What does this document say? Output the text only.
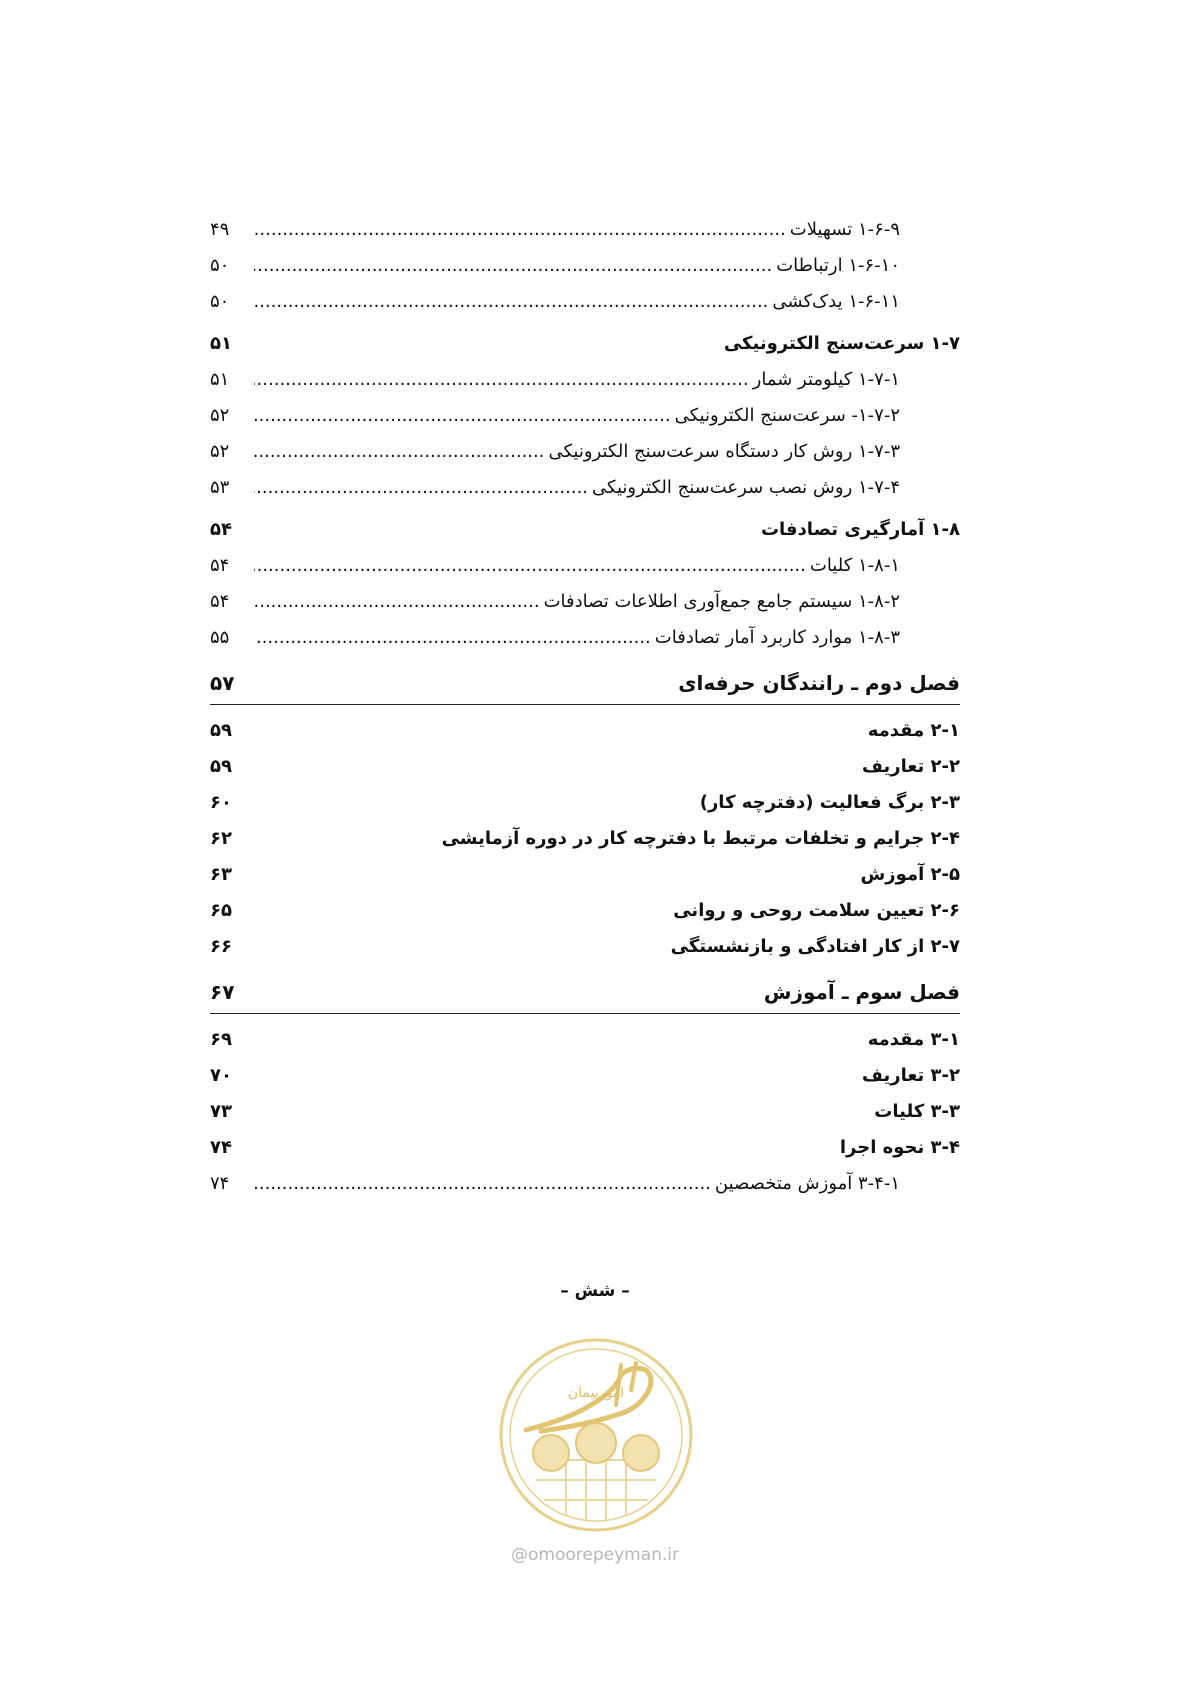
۱-۶-۹ تسهیلات
.....
۴۹
۱-۶-۱۰ ارتباطات
.....
۵۰
۱-۶-۱۱ یدک‌کشی
.....
۵۰
۱-۷ سرعت‌سنج الکترونیکی
۵۱
۱-۷-۱ کیلومتر شمار
.....
۵۱
۱-۷-۲- سرعت‌سنج الکترونیکی
.....
۵۲
۱-۷-۳ روش کار دستگاه سرعت‌سنج الکترونیکی
.....
۵۲
۱-۷-۴ روش نصب سرعت‌سنج الکترونیکی
.....
۵۳
۱-۸ آمارگیری تصادفات
۵۴
۱-۸-۱ کلیات
.....
۵۴
۱-۸-۲ سیستم جامع جمع‌آوری اطلاعات تصادفات
.....
۵۴
۱-۸-۳ موارد کاربرد آمار تصادفات
.....
۵۵
فصل دوم ـ رانندگان حرفه‌ای
۵۷
۲-۱ مقدمه
۵۹
۲-۲ تعاریف
۵۹
۲-۳ برگ فعالیت (دفترچه کار)
۶۰
۲-۴ جرایم و تخلفات مرتبط با دفترچه کار در دوره آزمایشی
۶۲
۲-۵ آموزش
۶۳
۲-۶ تعیین سلامت روحی و روانی
۶۵
۲-۷ از کار افتادگی و بازنشستگی
۶۶
فصل سوم ـ آموزش
۶۷
۳-۱ مقدمه
۶۹
۳-۲ تعاریف
۷۰
۳-۳ کلیات
۷۳
۳-۴ نحوه اجرا
۷۴
۳-۴-۱ آموزش متخصصین
.....
۷۴
– شش –
امورپیمان
@omoorepeyman.ir
